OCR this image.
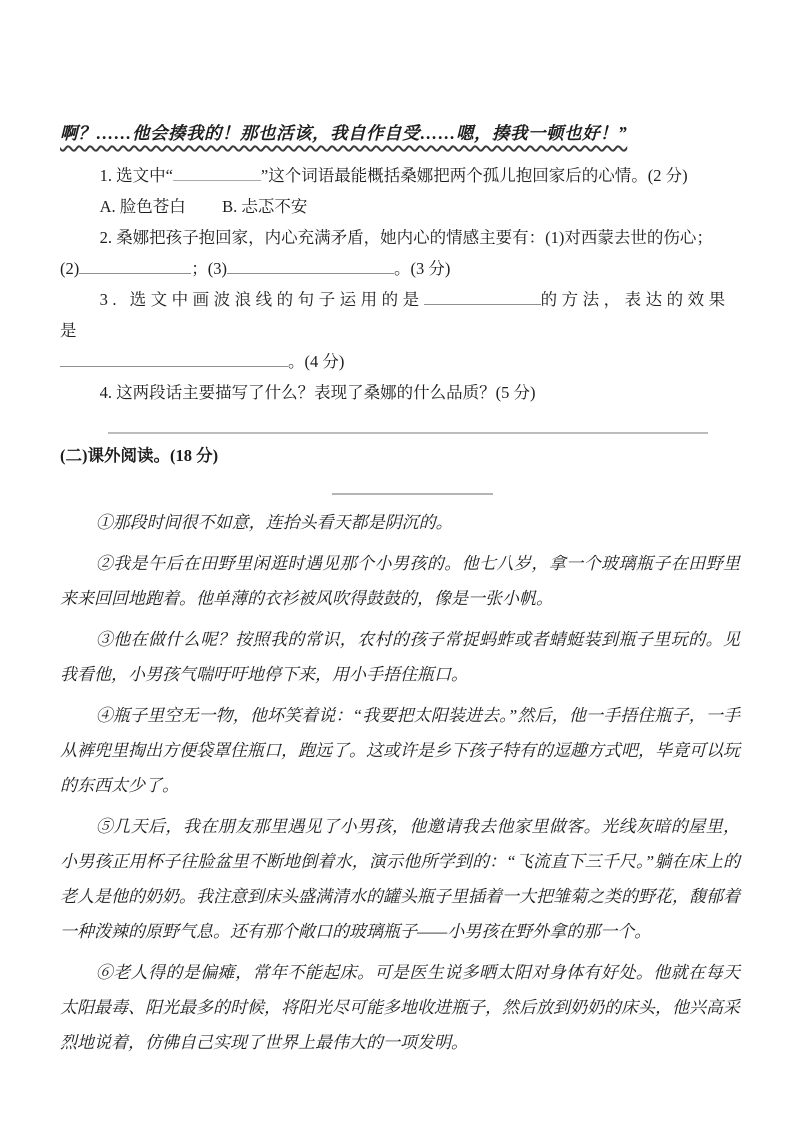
啊？……他会揍我的！那也活该，我自作自受……嗯，揍我一顿也好！”

1. 选文中“	”这个词语最能概括桑娜把两个孤儿抱回家后的心情。(2 分)

A. 脸色苍白 B. 忐忑不安

2. 桑娜把孩子抱回家，内心充满矛盾，她内心的情感主要有：(1)对西蒙去世的伤心；

(2)	；(3)	。(3 分)

3. 选文中画波浪线的句子运用的是	的方法，表达的效果是

。(4 分)

4. 这两段话主要描写了什么？表现了桑娜的什么品质？(5 分)

(二)课外阅读。(18 分)

①那段时间很不如意，连抬头看天都是阴沉的。

②我是午后在田野里闲逛时遇见那个小男孩的。他七八岁，拿一个玻璃瓶子在田野里来来回回地跑着。他单薄的衣衫被风吹得鼓鼓的，像是一张小帆。

③他在做什么呢？按照我的常识，农村的孩子常捉蚂蚱或者蜻蜓装到瓶子里玩的。见我看他，小男孩气喘吁吁地停下来，用小手捂住瓶口。

④瓶子里空无一物，他坏笑着说：“我要把太阳装进去。”然后，他一手捂住瓶子，一手从裤兜里掏出方便袋罩住瓶口，跑远了。这或许是乡下孩子特有的逗趣方式吧，毕竟可以玩的东西太少了。

⑤几天后，我在朋友那里遇见了小男孩，他邀请我去他家里做客。光线灰暗的屋里，小男孩正用杯子往脸盆里不断地倒着水，演示他所学到的：“飞流直下三千尺。”躺在床上的老人是他的奶奶。我注意到床头盛满清水的罐头瓶子里插着一大把雏菊之类的野花，馥郁着一种泼辣的原野气息。还有那个敞口的玻璃瓶子——小男孩在野外拿的那一个。

⑥老人得的是偏瘫，常年不能起床。可是医生说多晒太阳对身体有好处。他就在每天太阳最毒、阳光最多的时候，将阳光尽可能多地收进瓶子，然后放到奶奶的床头，他兴高采烈地说着，仿佛自己实现了世界上最伟大的一项发明。
